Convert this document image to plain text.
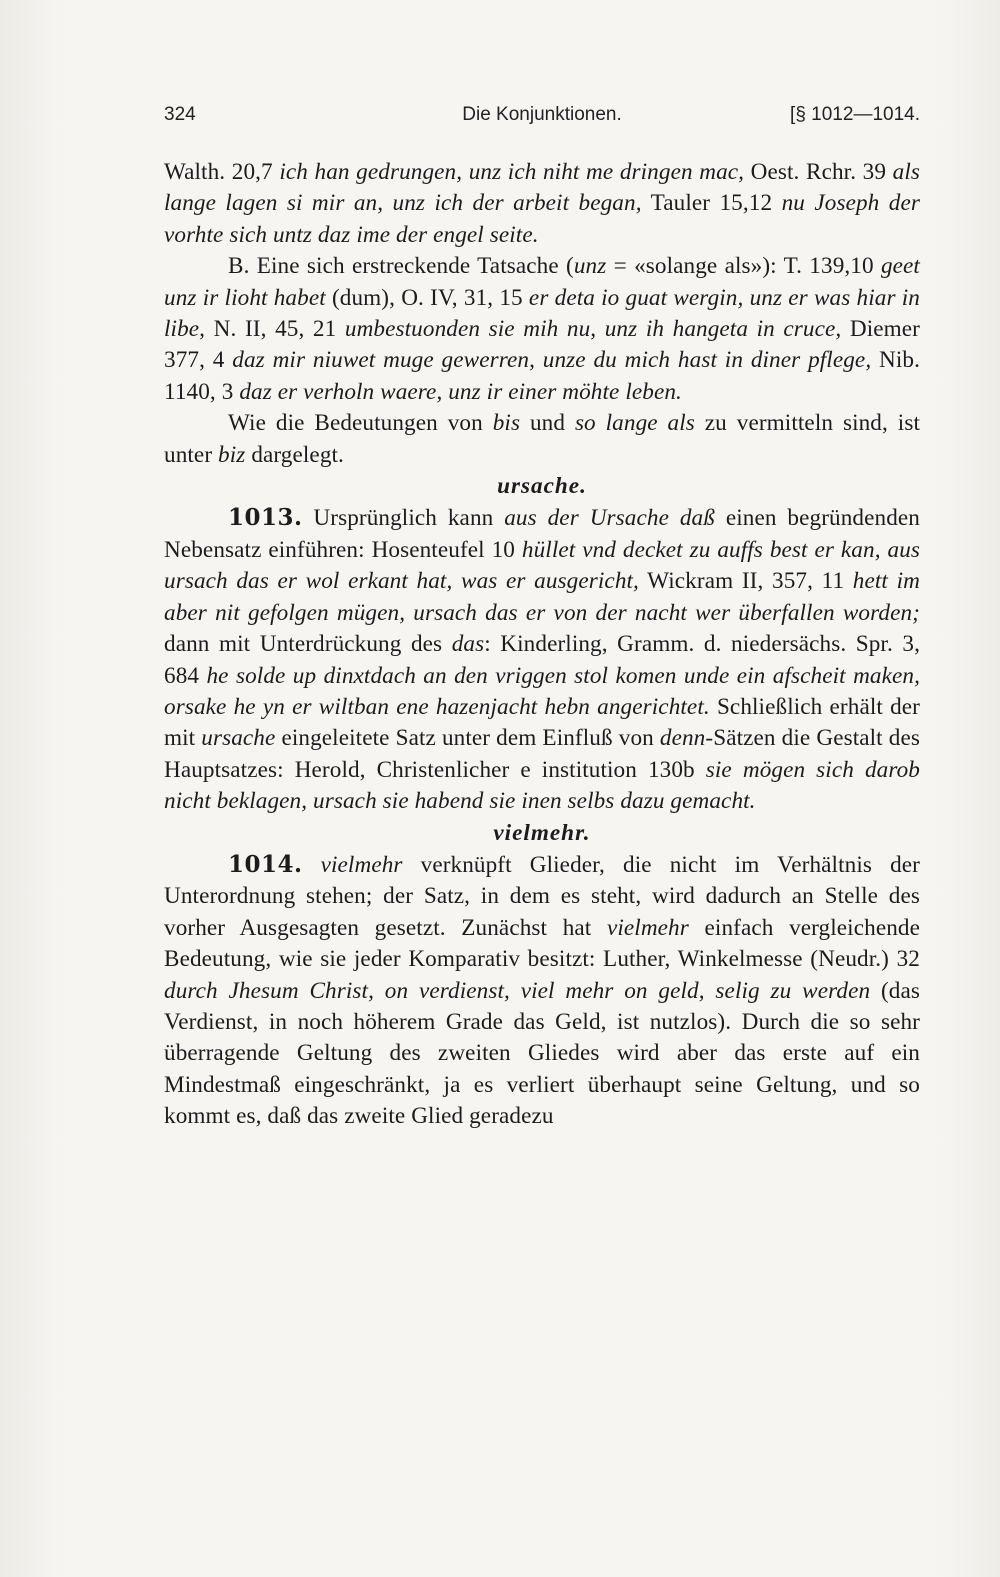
324	Die Konjunktionen.	[§ 1012—1014.

Walth. 20,7 ich han gedrungen, unz ich niht me dringen mac, Oest. Rchr. 39 als lange lagen si mir an, unz ich der arbeit began, Tauler 15,12 nu Joseph der vorhte sich untz daz ime der engel seite.

B. Eine sich erstreckende Tatsache (unz = «solange als»): T. 139,10 geet unz ir lioht habet (dum), O. IV, 31, 15 er deta io guat wergin, unz er was hiar in libe, N. II, 45, 21 umbestuonden sie mih nu, unz ih hangeta in cruce, Diemer 377, 4 daz mir niuwet muge gewerren, unze du mich hast in diner pflege, Nib. 1140, 3 daz er verholn waere, unz ir einer möhte leben.

Wie die Bedeutungen von bis und so lange als zu vermitteln sind, ist unter biz dargelegt.

ursache.

1013. Ursprünglich kann aus der Ursache daß einen begründenden Nebensatz einführen: Hosenteufel 10 hüllet vnd decket zu auffs best er kan, aus ursach das er wol erkant hat, was er ausgericht, Wickram II, 357, 11 hett im aber nit gefolgen mügen, ursach das er von der nacht wer überfallen worden; dann mit Unterdrückung des das: Kinderling, Gramm. d. niedersächs. Spr. 3, 684 he solde up dinxtdach an den vriggen stol komen unde ein afscheit maken, orsake he yn er wiltban ene hazenjacht hebn angerichtet. Schließlich erhält der mit ursache eingeleitete Satz unter dem Einfluß von denn-Sätzen die Gestalt des Hauptsatzes: Herold, Christenlicher e institution 130b sie mögen sich darob nicht beklagen, ursach sie habend sie inen selbs dazu gemacht.

vielmehr.

1014. vielmehr verknüpft Glieder, die nicht im Verhältnis der Unterordnung stehen; der Satz, in dem es steht, wird dadurch an Stelle des vorher Ausgesagten gesetzt. Zunächst hat vielmehr einfach vergleichende Bedeutung, wie sie jeder Komparativ besitzt: Luther, Winkelmesse (Neudr.) 32 durch Jhesum Christ, on verdienst, viel mehr on geld, selig zu werden (das Verdienst, in noch höherem Grade das Geld, ist nutzlos). Durch die so sehr überragende Geltung des zweiten Gliedes wird aber das erste auf ein Mindestmaß eingeschränkt, ja es verliert überhaupt seine Geltung, und so kommt es, daß das zweite Glied geradezu
